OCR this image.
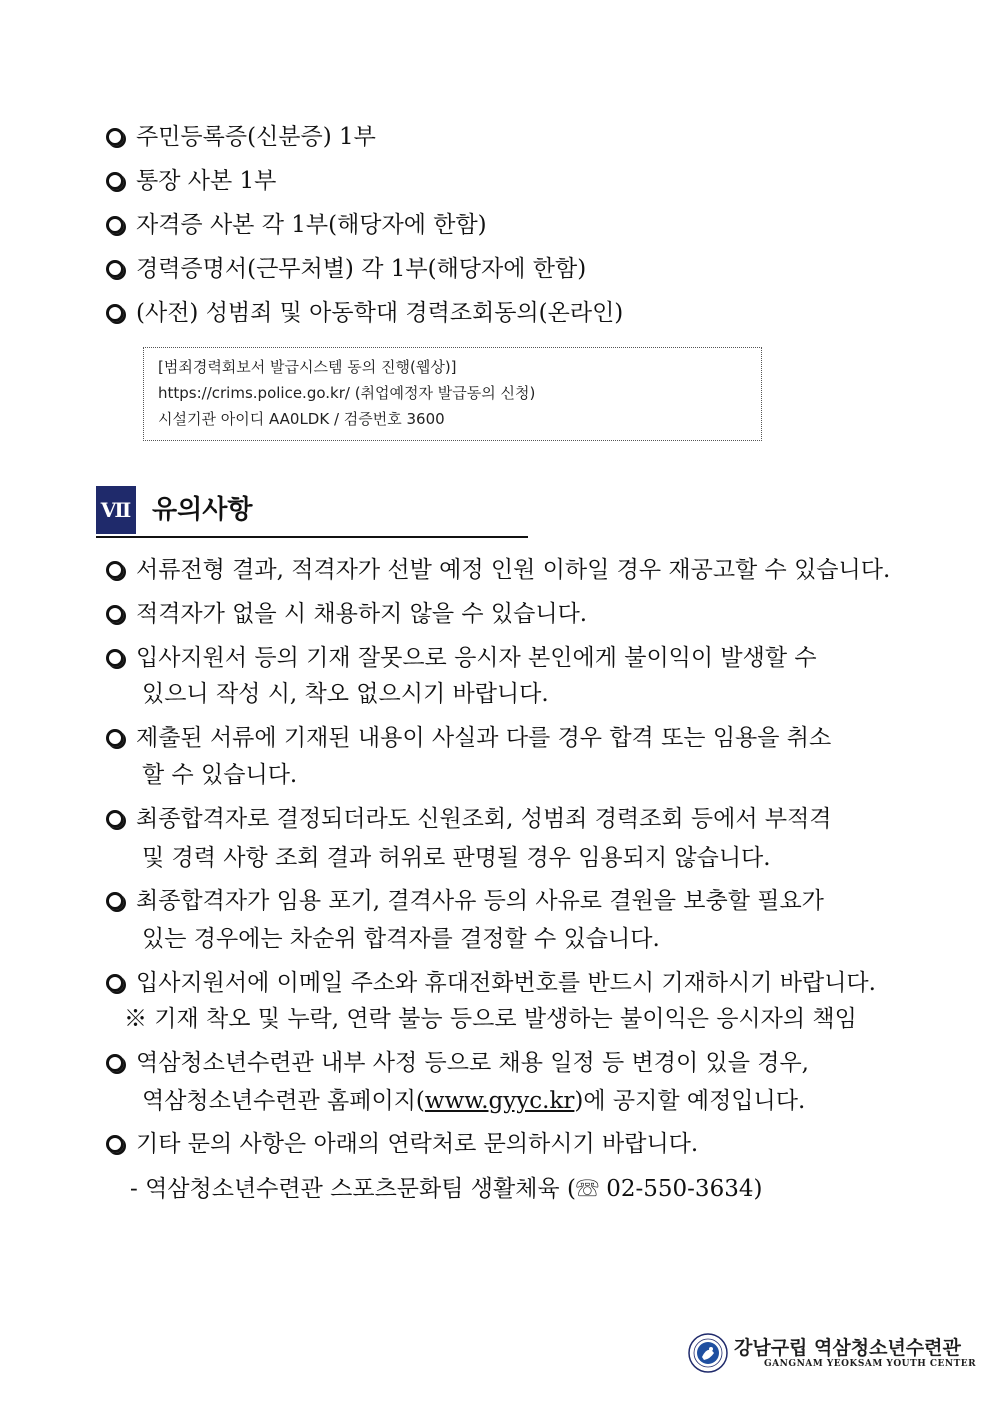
주민등록증(신분증) 1부
통장 사본 1부
자격증 사본 각 1부(해당자에 한함)
경력증명서(근무처별) 각 1부(해당자에 한함)
(사전) 성범죄 및 아동학대 경력조회동의(온라인)
[범죄경력회보서 발급시스템 동의 진행(웹상)]
https://crims.police.go.kr/ (취업예정자 발급동의 신청)
시설기관 아이디 AA0LDK / 검증번호 3600
Ⅶ 유의사항
서류전형 결과, 적격자가 선발 예정 인원 이하일 경우 재공고할 수 있습니다.
적격자가 없을 시 채용하지 않을 수 있습니다.
입사지원서 등의 기재 잘못으로 응시자 본인에게 불이익이 발생할 수
있으니 작성 시, 착오 없으시기 바랍니다.
제출된 서류에 기재된 내용이 사실과 다를 경우 합격 또는 임용을 취소
할 수 있습니다.
최종합격자로 결정되더라도 신원조회, 성범죄 경력조회 등에서 부적격
및 경력 사항 조회 결과 허위로 판명될 경우 임용되지 않습니다.
최종합격자가 임용 포기, 결격사유 등의 사유로 결원을 보충할 필요가
있는 경우에는 차순위 합격자를 결정할 수 있습니다.
입사지원서에 이메일 주소와 휴대전화번호를 반드시 기재하시기 바랍니다.
※ 기재 착오 및 누락, 연락 불능 등으로 발생하는 불이익은 응시자의 책임
역삼청소년수련관 내부 사정 등으로 채용 일정 등 변경이 있을 경우,
역삼청소년수련관 홈페이지(www.gyyc.kr)에 공지할 예정입니다.
기타 문의 사항은 아래의 연락처로 문의하시기 바랍니다.
- 역삼청소년수련관 스포츠문화팀 생활체육 (☏ 02-550-3634)
강남구립 역삼청소년수련관
GANGNAM YEOKSAM YOUTH CENTER
